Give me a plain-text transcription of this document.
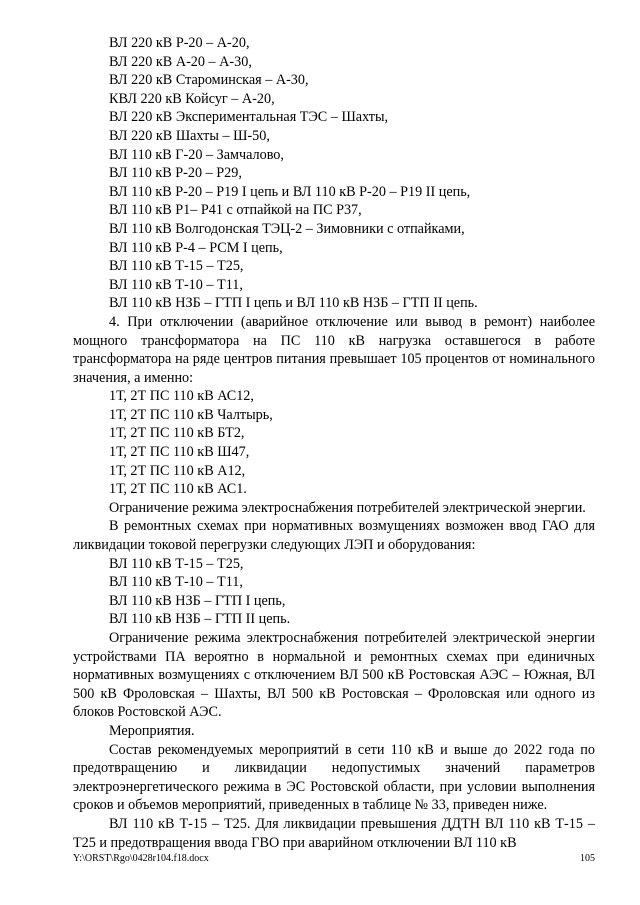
ВЛ 220 кВ Р-20 – А-20,
ВЛ 220 кВ А-20 – А-30,
ВЛ 220 кВ Староминская – А-30,
КВЛ 220 кВ Койсуг – А-20,
ВЛ 220 кВ Экспериментальная ТЭС – Шахты,
ВЛ 220 кВ Шахты – Ш-50,
ВЛ 110 кВ Г-20 – Замчалово,
ВЛ 110 кВ Р-20 – Р29,
ВЛ 110 кВ Р-20 – Р19 I цепь и ВЛ 110 кВ Р-20 – Р19 II цепь,
ВЛ 110 кВ Р1– Р41 с отпайкой на ПС Р37,
ВЛ 110 кВ Волгодонская ТЭЦ-2 – Зимовники с отпайками,
ВЛ 110 кВ Р-4 – РСМ I цепь,
ВЛ 110 кВ Т-15 – Т25,
ВЛ 110 кВ Т-10 – Т11,
ВЛ 110 кВ НЗБ – ГТП I цепь и ВЛ 110 кВ НЗБ – ГТП II цепь.

4. При отключении (аварийное отключение или вывод в ремонт) наиболее мощного трансформатора на ПС 110 кВ нагрузка оставшегося в работе трансформатора на ряде центров питания превышает 105 процентов от номинального значения, а именно:

1Т, 2Т ПС 110 кВ АС12,
1Т, 2Т ПС 110 кВ Чалтырь,
1Т, 2Т ПС 110 кВ БТ2,
1Т, 2Т ПС 110 кВ Ш47,
1Т, 2Т ПС 110 кВ А12,
1Т, 2Т ПС 110 кВ АС1.

Ограничение режима электроснабжения потребителей электрической энергии.

В ремонтных схемах при нормативных возмущениях возможен ввод ГАО для ликвидации токовой перегрузки следующих ЛЭП и оборудования:

ВЛ 110 кВ Т-15 – Т25,
ВЛ 110 кВ Т-10 – Т11,
ВЛ 110 кВ НЗБ – ГТП I цепь,
ВЛ 110 кВ НЗБ – ГТП II цепь.

Ограничение режима электроснабжения потребителей электрической энергии устройствами ПА вероятно в нормальной и ремонтных схемах при единичных нормативных возмущениях с отключением ВЛ 500 кВ Ростовская АЭС – Южная, ВЛ 500 кВ Фроловская – Шахты, ВЛ 500 кВ Ростовская – Фроловская или одного из блоков Ростовской АЭС.

Мероприятия.

Состав рекомендуемых мероприятий в сети 110 кВ и выше до 2022 года по предотвращению и ликвидации недопустимых значений параметров электроэнергетического режима в ЭС Ростовской области, при условии выполнения сроков и объемов мероприятий, приведенных в таблице № 33, приведен ниже.

ВЛ 110 кВ Т-15 – Т25. Для ликвидации превышения ДДТН ВЛ 110 кВ Т-15 – Т25 и предотвращения ввода ГВО при аварийном отключении ВЛ 110 кВ

Y:\ORST\Rgo\0428r104.f18.docx	105
